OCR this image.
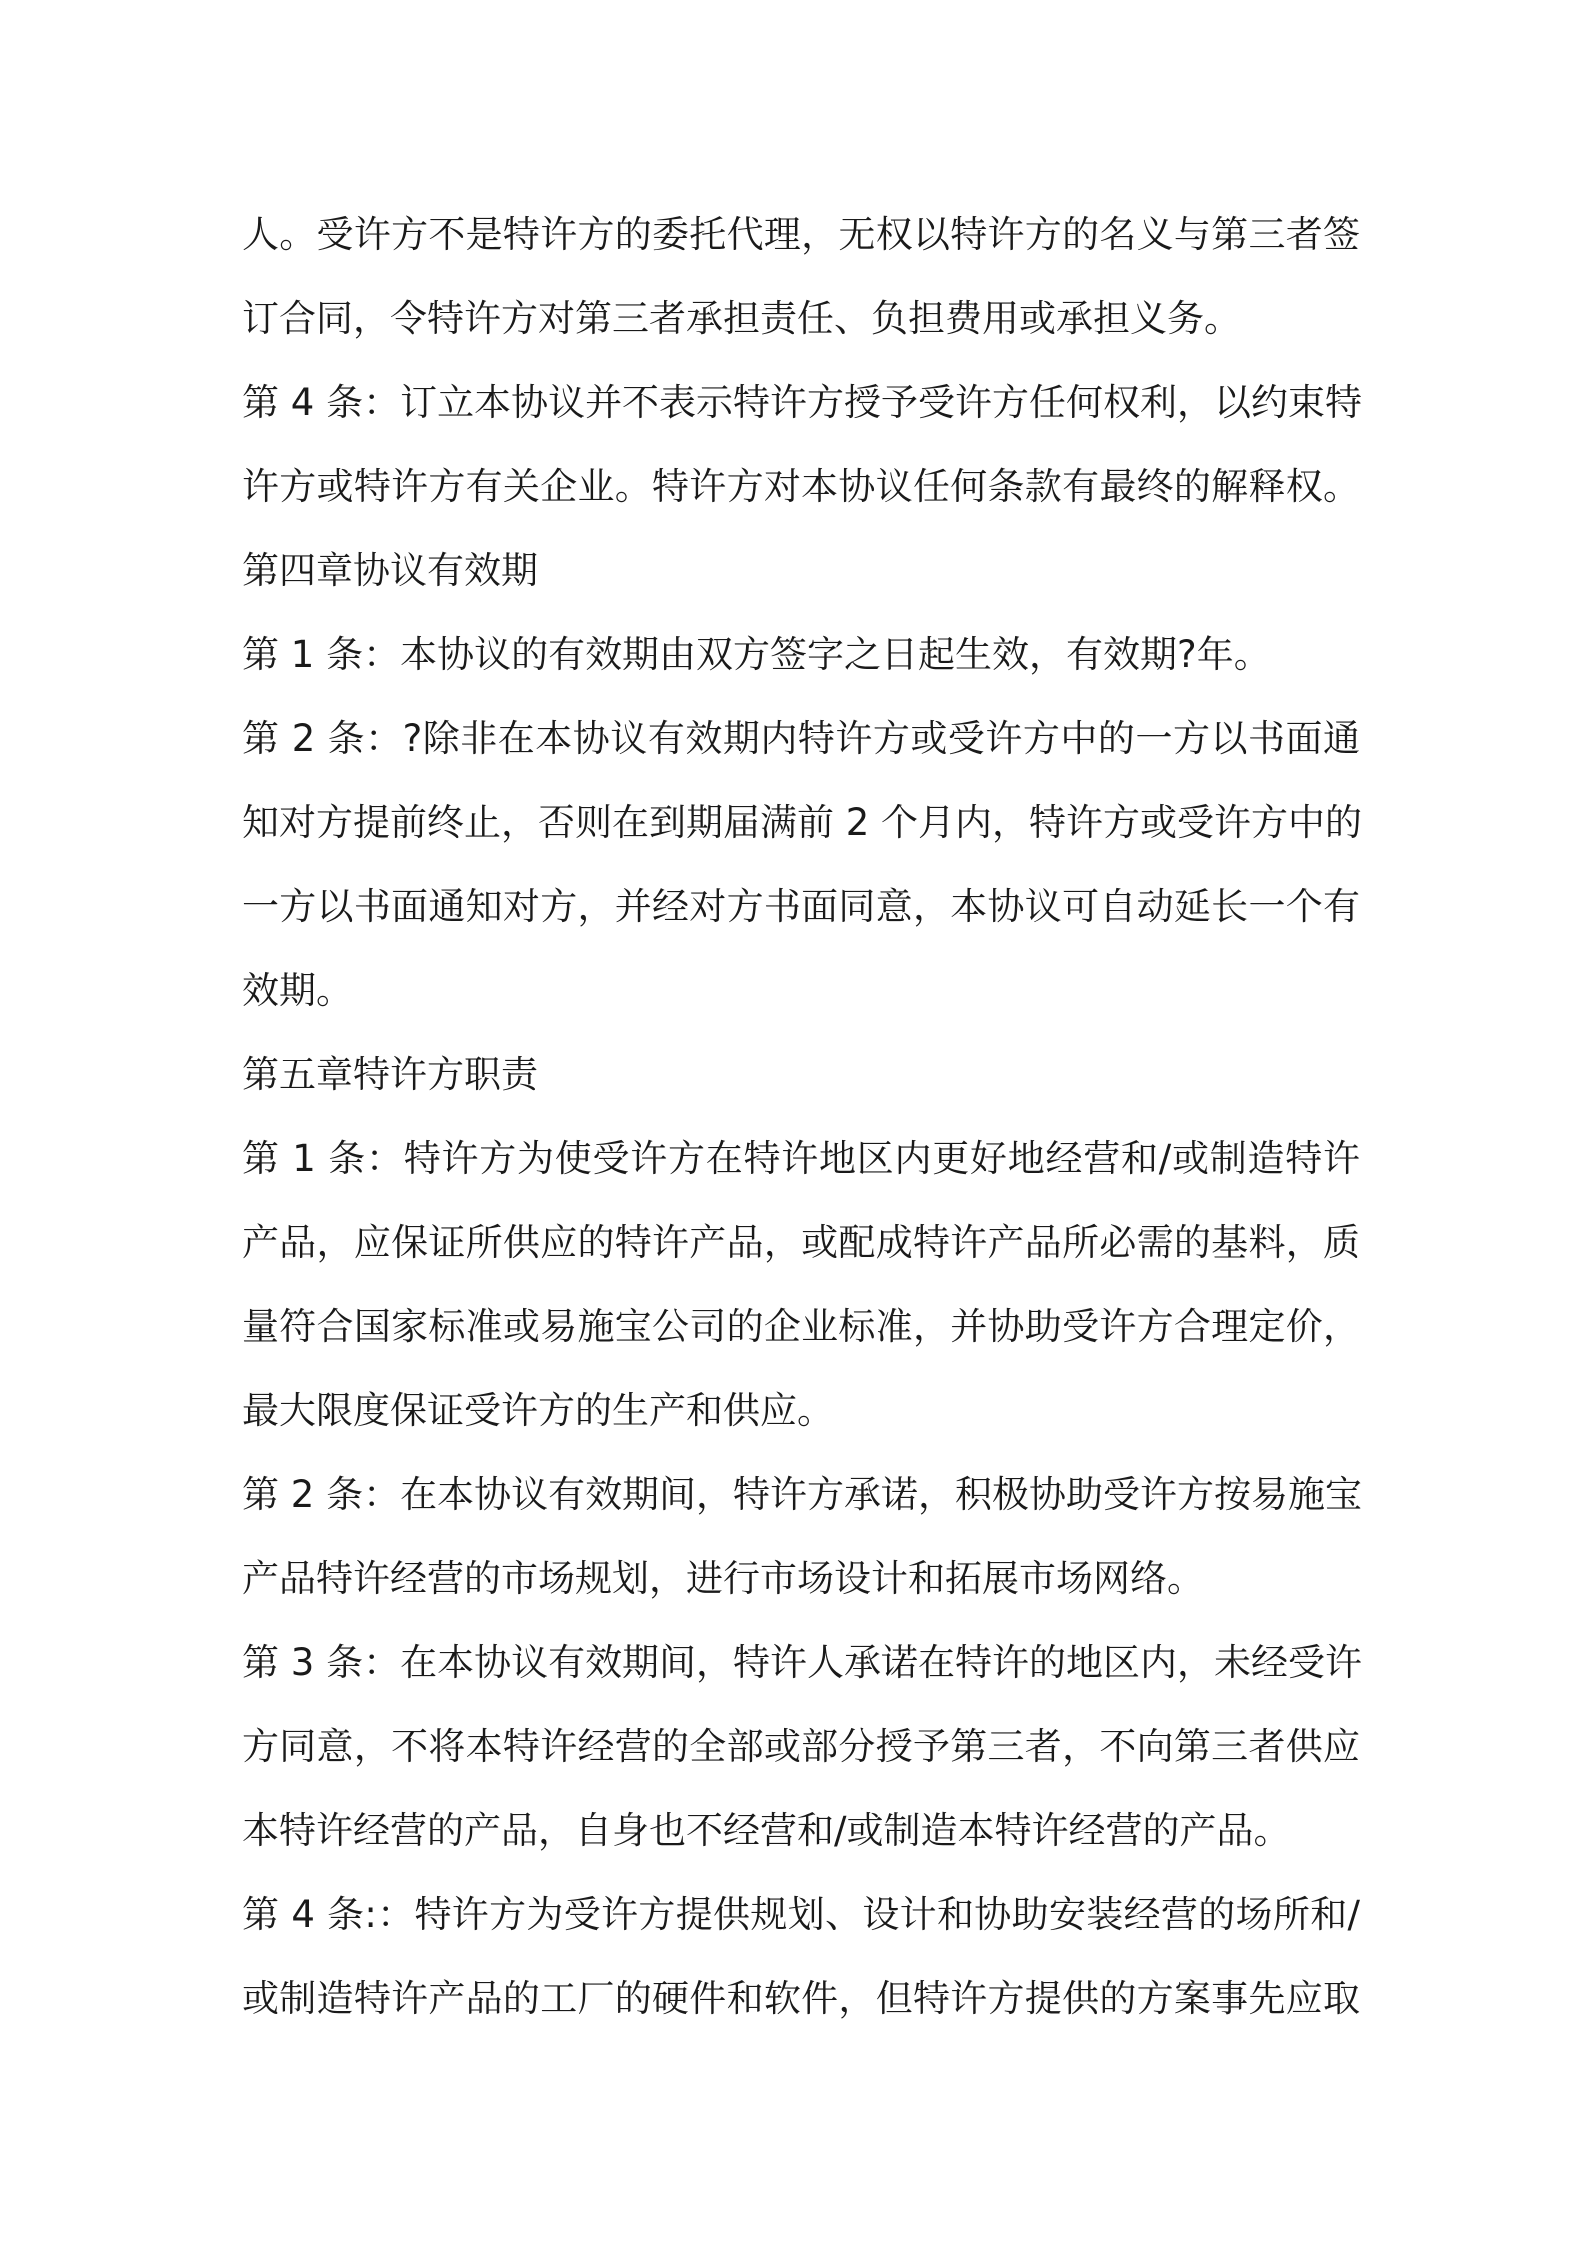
人。受许方不是特许方的委托代理，无权以特许方的名义与第三者签
订合同，令特许方对第三者承担责任、负担费用或承担义务。
第 4 条：订立本协议并不表示特许方授予受许方任何权利，以约束特
许方或特许方有关企业。特许方对本协议任何条款有最终的解释权。
第四章协议有效期
第 1 条：本协议的有效期由双方签字之日起生效，有效期?年。
第 2 条：?除非在本协议有效期内特许方或受许方中的一方以书面通
知对方提前终止，否则在到期届满前 2 个月内，特许方或受许方中的
一方以书面通知对方，并经对方书面同意，本协议可自动延长一个有
效期。
第五章特许方职责
第 1 条：特许方为使受许方在特许地区内更好地经营和/或制造特许
产品，应保证所供应的特许产品，或配成特许产品所必需的基料，质
量符合国家标准或易施宝公司的企业标准，并协助受许方合理定价，
最大限度保证受许方的生产和供应。
第 2 条：在本协议有效期间，特许方承诺，积极协助受许方按易施宝
产品特许经营的市场规划，进行市场设计和拓展市场网络。
第 3 条：在本协议有效期间，特许人承诺在特许的地区内，未经受许
方同意，不将本特许经营的全部或部分授予第三者，不向第三者供应
本特许经营的产品，自身也不经营和/或制造本特许经营的产品。
第 4 条:：特许方为受许方提供规划、设计和协助安装经营的场所和/
或制造特许产品的工厂的硬件和软件，但特许方提供的方案事先应取
